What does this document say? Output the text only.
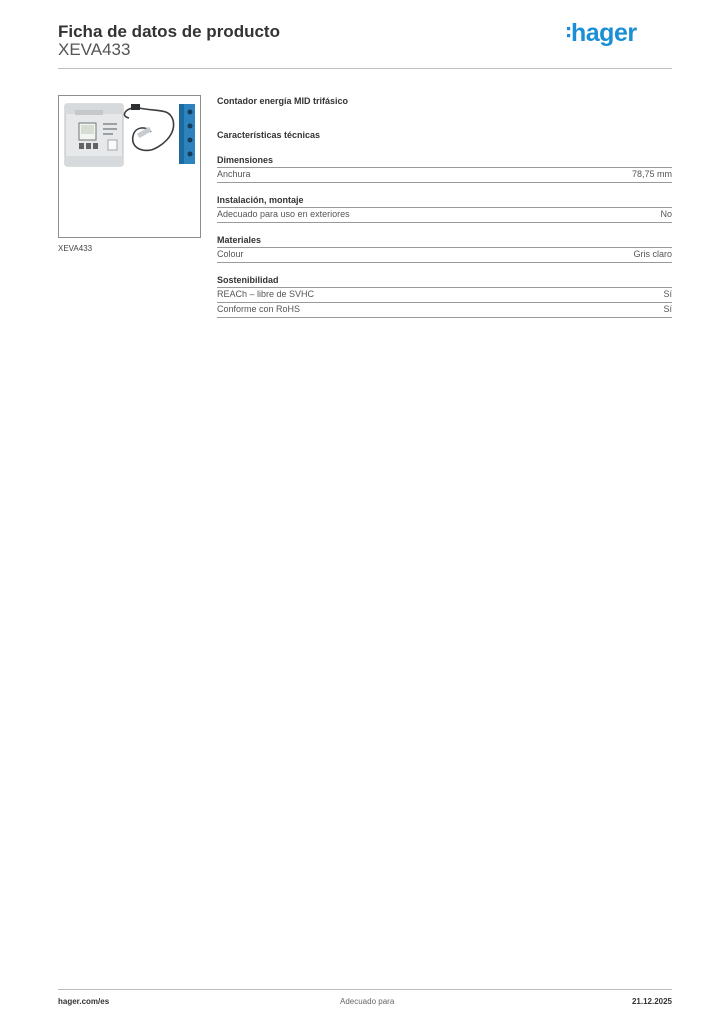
Ficha de datos de producto
XEVA433
hager
XEVA433
Contador energía MID trifásico
Características técnicas
Dimensiones
Anchura	78,75 mm
Instalación, montaje
Adecuado para uso en exteriores	No
Materiales
Colour	Gris claro
Sostenibilidad
REACh – libre de SVHC	Sí
Conforme con RoHS	Sí
hager.com/es	Adecuado para	21.12.2025
